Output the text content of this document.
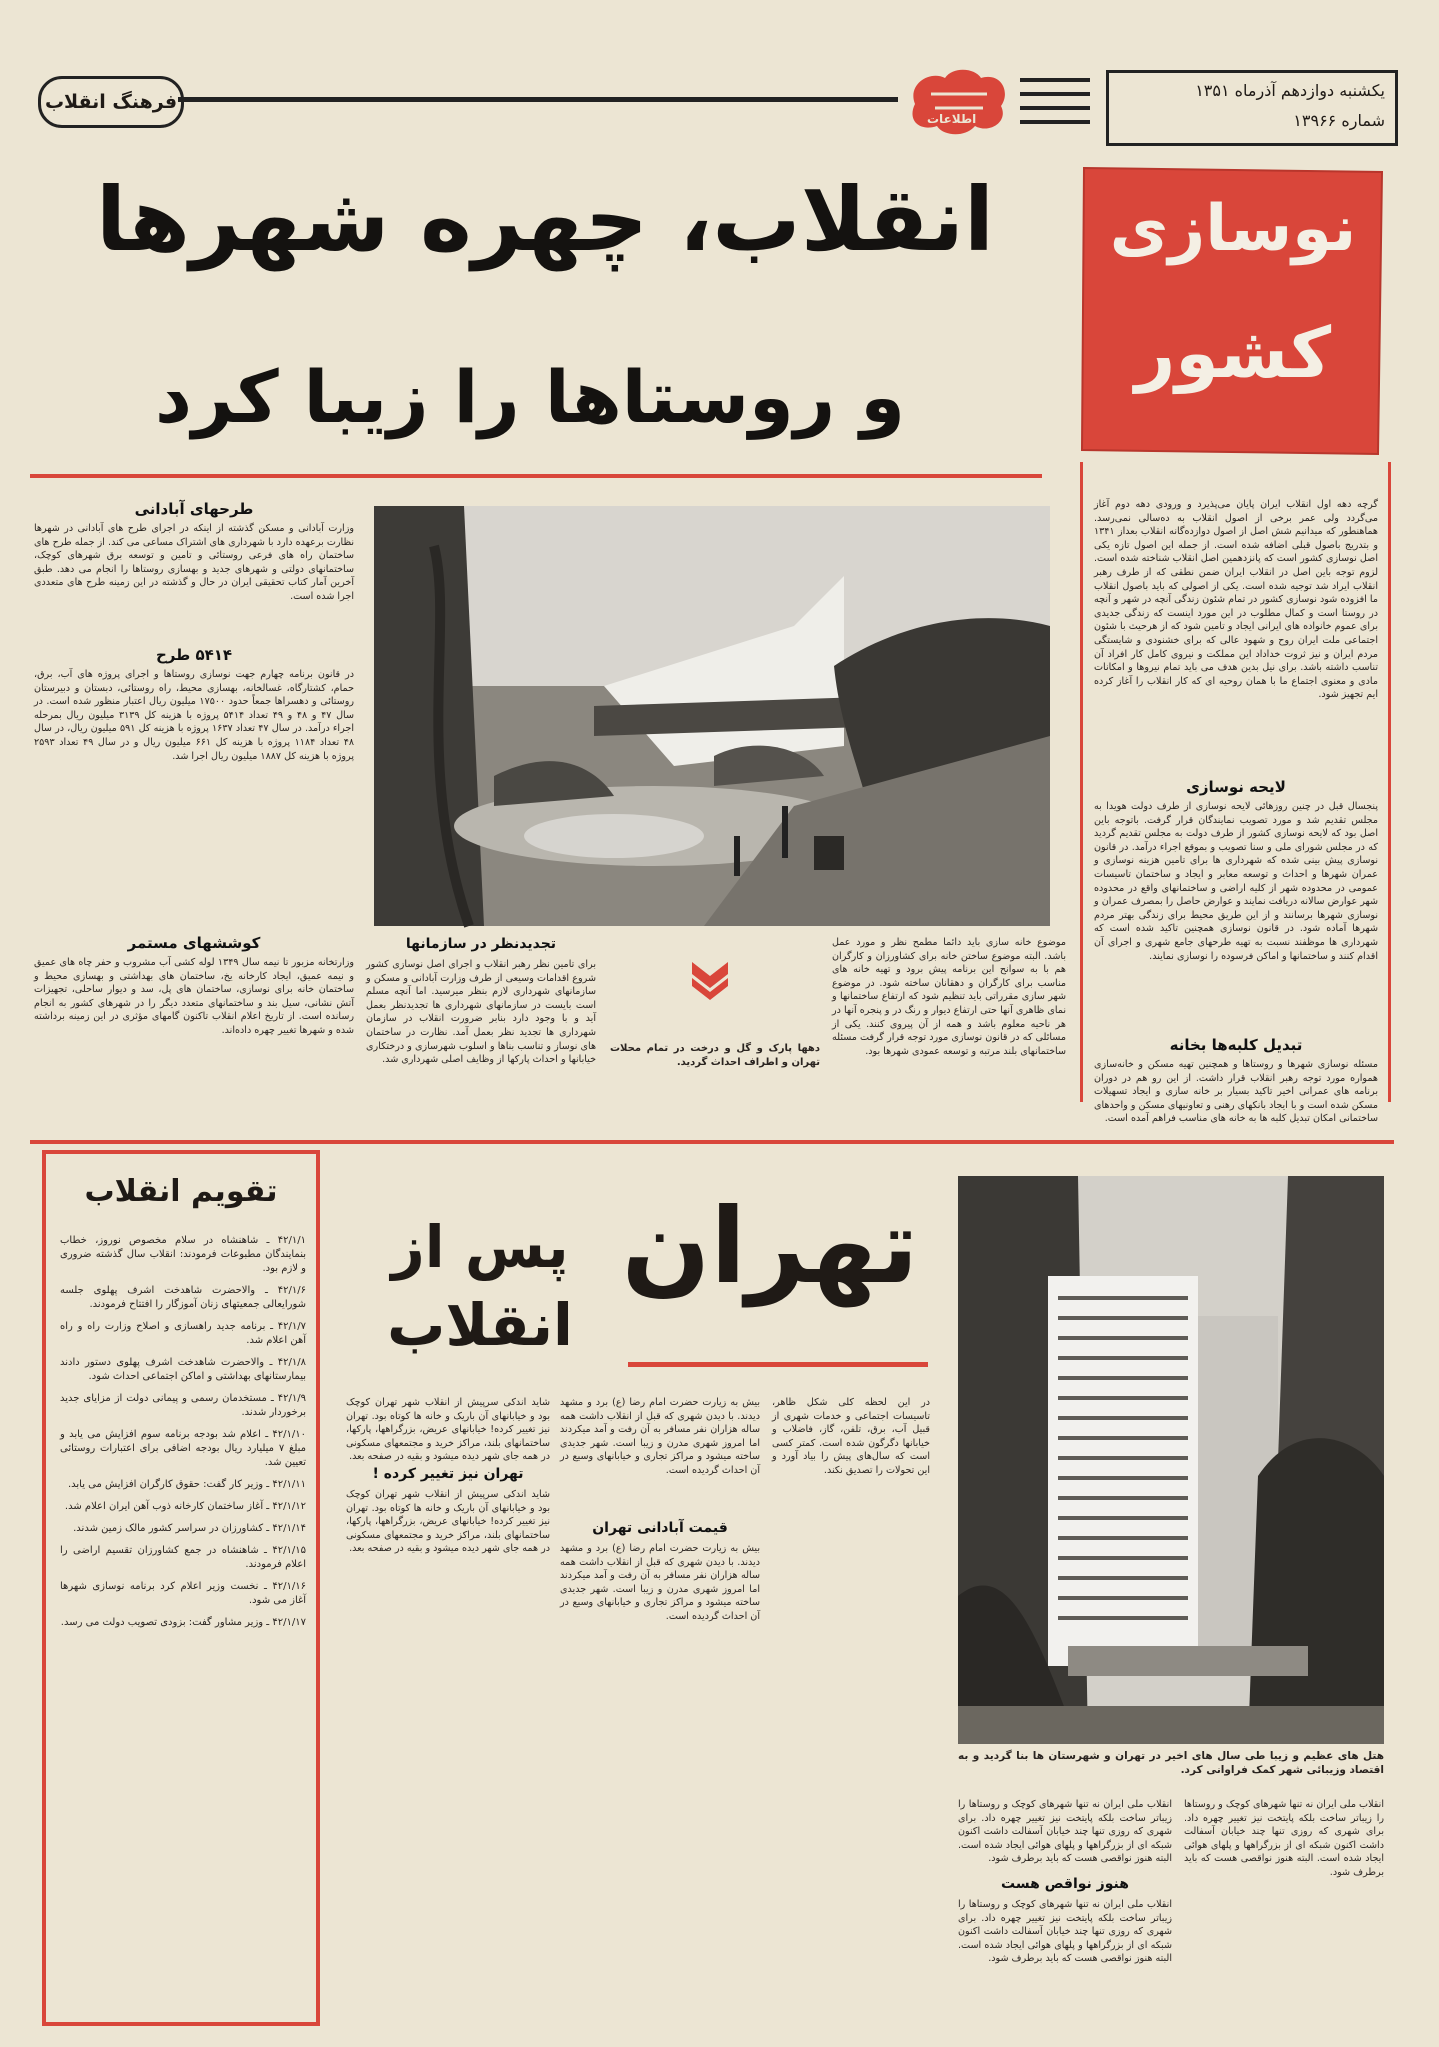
فرهنگ انقلاب
اطلاعات
یکشنبه دوازدهم آذرماه ۱۳۵۱
شماره ۱۳۹۶۶
انقلاب، چهره شهرها
و روستاها را زیبا کرد
نوسازی
کشور
گرچه دهه اول انقلاب ایران پایان می‌پذیرد و ورودی دهه دوم آغاز می‌گردد ولی عمر برخی از اصول انقلاب به ده‌سالی نمی‌رسد. هماهنطور که میدانیم شش اصل از اصول دوازده‌گانه انقلاب بعداز ۱۳۴۱ و بتدریج باصول قبلی اضافه شده است. از جمله این اصول تازه یکی اصل نوسازی کشور است که پانزدهمین اصل انقلاب شناخته شده است. لزوم توجه باین اصل در انقلاب ایران ضمن نطقی که از طرف رهبر انقلاب ایراد شد توجیه شده است. یکی از اصولی که باید باصول انقلاب ما افزوده شود نوسازی کشور در تمام شئون زندگی آنچه در شهر و آنچه در روستا است و کمال مطلوب در این مورد اینست که زندگی جدیدی برای عموم خانواده های ایرانی ایجاد و تامین شود که از هرحیث با شئون اجتماعی ملت ایران روح و شهود عالی که برای خشنودی و شایستگی مردم ایران و نیز ثروت خداداد این مملکت و نیروی کامل کار افراد آن تناسب داشته باشد. برای نیل بدین هدف می باید تمام نیروها و امکانات مادی و معنوی اجتماع ما با همان روحیه ای که کار انقلاب را آغاز کرده ایم تجهیز شود.
لایحه نوسازی
پنجسال قبل در چنین روزهائی لایحه نوسازی از طرف دولت هویدا به مجلس تقدیم شد و مورد تصویب نمایندگان قرار گرفت. باتوجه باین اصل بود که لایحه نوسازی کشور از طرف دولت به مجلس تقدیم گردید که در مجلس شورای ملی و سنا تصویب و بموقع اجراء درآمد. در قانون نوسازی پیش بینی شده که شهرداری ها برای تامین هزینه نوسازی و عمران شهرها و احداث و توسعه معابر و ایجاد و ساختمان تاسیسات عمومی در محدوده شهر از کلیه اراضی و ساختمانهای واقع در محدوده شهر عوارض سالانه دریافت نمایند و عوارض حاصل را بمصرف عمران و نوسازی شهرها برسانند و از این طریق محیط برای زندگی بهتر مردم شهرها آماده شود. در قانون نوسازی همچنین تاکید شده است که شهرداری ها موظفند نسبت به تهیه طرحهای جامع شهری و اجرای آن اقدام کنند و ساختمانها و اماکن فرسوده را نوسازی نمایند.
تبدیل کلبه‌ها بخانه
مسئله نوسازی شهرها و روستاها و همچنین تهیه مسکن و خانه‌سازی همواره مورد توجه رهبر انقلاب قرار داشت. از این رو هم در دوران برنامه های عمرانی اخیر تاکید بسیار بر خانه سازی و ایجاد تسهیلات مسکن شده است و با ایجاد بانکهای رهنی و تعاونیهای مسکن و واحدهای ساختمانی امکان تبدیل کلبه ها به خانه های مناسب فراهم آمده است.
طرحهای آبادانی
وزارت آبادانی و مسکن گذشته از اینکه در اجرای طرح های آبادانی در شهرها نظارت برعهده دارد با شهرداری های اشتراک مساعی می کند. از جمله طرح های ساختمان راه های فرعی روستائی و تامین و توسعه برق شهرهای کوچک، ساختمانهای دولتی و شهرهای جدید و بهسازی روستاها را انجام می دهد. طبق آخرین آمار کتاب تحقیقی ایران در حال و گذشته در این زمینه طرح های متعددی اجرا شده است.
۵۴۱۴ طرح
در قانون برنامه چهارم جهت نوسازی روستاها و اجرای پروژه های آب، برق، حمام، کشتارگاه، غسالخانه، بهسازی محیط، راه روستائی، دبستان و دبیرستان روستائی و دهسراها جمعاً حدود ۱۷۵۰۰ میلیون ریال اعتبار منظور شده است. در سال ۴۷ و ۴۸ و ۴۹ تعداد ۵۴۱۴ پروژه با هزینه کل ۳۱۳۹ میلیون ریال بمرحله اجراء درآمد. در سال ۴۷ تعداد ۱۶۳۷ پروژه با هزینه کل ۵۹۱ میلیون ریال، در سال ۴۸ تعداد ۱۱۸۴ پروژه با هزینه کل ۶۶۱ میلیون ریال و در سال ۴۹ تعداد ۲۵۹۳ پروژه با هزینه کل ۱۸۸۷ میلیون ریال اجرا شد.
کوششهای مستمر
وزارتخانه مزبور تا نیمه سال ۱۳۴۹ لوله کشی آب مشروب و حفر چاه های عمیق و نیمه عمیق، ایجاد کارخانه یخ، ساختمان های بهداشتی و بهسازی محیط و ساختمان خانه برای نوسازی، ساختمان های پل، سد و دیوار ساحلی، تجهیزات آتش نشانی، سیل بند و ساختمانهای متعدد دیگر را در شهرهای کشور به انجام رسانده است. از تاریخ اعلام انقلاب تاکنون گامهای مؤثری در این زمینه برداشته شده و شهرها تغییر چهره داده‌اند.
تجدیدنظر در سازمانها
برای تامین نظر رهبر انقلاب و اجرای اصل نوسازی کشور شروع اقدامات وسیعی از طرف وزارت آبادانی و مسکن و سازمانهای شهرداری لازم بنظر میرسید. اما آنچه مسلم است بایست در سازمانهای شهرداری ها تجدیدنظر بعمل آید و با وجود دارد بنابر ضرورت انقلاب در سازمان شهرداری ها تجدید نظر بعمل آمد. نظارت در ساختمان های نوساز و تناسب بناها و اسلوب شهرسازی و درختکاری خیابانها و احداث پارکها از وظایف اصلی شهرداری شد.
دهها پارک و گل و درخت در تمام محلات تهران و اطراف احداث گردید.
موضوع خانه سازی باید دائما مطمح نظر و مورد عمل باشد. البته موضوع ساختن خانه برای کشاورزان و کارگران هم با به سوانح این برنامه پیش برود و تهیه خانه های مناسب برای کارگران و دهقانان ساخته شود. در موضوع شهر سازی مقرراتی باید تنظیم شود که ارتفاع ساختمانها و نمای ظاهری آنها حتی ارتفاع دیوار و رنگ در و پنجره آنها در هر ناحیه معلوم باشد و همه از آن پیروی کنند. یکی از مسائلی که در قانون نوسازی مورد توجه قرار گرفت مسئله ساختمانهای بلند مرتبه و توسعه عمودی شهرها بود.
تقویم انقلاب
۴۲/۱/۱ ـ شاهنشاه در سلام مخصوص نوروز، خطاب بنمایندگان مطبوعات فرمودند: انقلاب سال گذشته ضروری و لازم بود.
۴۲/۱/۶ ـ والاحضرت شاهدخت اشرف پهلوی جلسه شورایعالی جمعیتهای زنان آموزگار را افتتاح فرمودند.
۴۲/۱/۷ ـ برنامه جدید راهسازی و اصلاح وزارت راه و راه آهن اعلام شد.
۴۲/۱/۸ ـ والاحضرت شاهدخت اشرف پهلوی دستور دادند بیمارستانهای بهداشتی و اماکن اجتماعی احداث شود.
۴۲/۱/۹ ـ مستخدمان رسمی و پیمانی دولت از مزایای جدید برخوردار شدند.
۴۲/۱/۱۰ ـ اعلام شد بودجه برنامه سوم افزایش می یابد و مبلغ ۷ میلیارد ریال بودجه اضافی برای اعتبارات روستائی تعیین شد.
۴۲/۱/۱۱ ـ وزیر کار گفت: حقوق کارگران افزایش می یابد.
۴۲/۱/۱۲ ـ آغاز ساختمان کارخانه ذوب آهن ایران اعلام شد.
۴۲/۱/۱۴ ـ کشاورزان در سراسر کشور مالک زمین شدند.
۴۲/۱/۱۵ ـ شاهنشاه در جمع کشاورزان تقسیم اراضی را اعلام فرمودند.
۴۲/۱/۱۶ ـ نخست وزیر اعلام کرد برنامه نوسازی شهرها آغاز می شود.
۴۲/۱/۱۷ ـ وزیر مشاور گفت: بزودی تصویب دولت می رسد.
تهران
پس از
انقلاب
در این لحظه کلی شکل ظاهر، تاسیسات اجتماعی و خدمات شهری از قبیل آب، برق، تلفن، گاز، فاضلاب و خیابانها دگرگون شده است. کمتر کسی است که سال‌های پیش را بیاد آورد و این تحولات را تصدیق نکند.
بیش به زیارت حضرت امام رضا (ع) برد و مشهد دیدند. با دیدن شهری که قبل از انقلاب داشت همه ساله هزاران نفر مسافر به آن رفت و آمد میکردند اما امروز شهری مدرن و زیبا است. شهر جدیدی ساخته میشود و مراکز تجاری و خیابانهای وسیع در آن احداث گردیده است.
قیمت آبادانی تهران
بیش به زیارت حضرت امام رضا (ع) برد و مشهد دیدند. با دیدن شهری که قبل از انقلاب داشت همه ساله هزاران نفر مسافر به آن رفت و آمد میکردند اما امروز شهری مدرن و زیبا است. شهر جدیدی ساخته میشود و مراکز تجاری و خیابانهای وسیع در آن احداث گردیده است.
شاید اندکی سرپیش از انقلاب شهر تهران کوچک بود و خیابانهای آن باریک و خانه ها کوتاه بود. تهران نیز تغییر کرده! خیابانهای عریض، بزرگراهها، پارکها، ساختمانهای بلند، مراکز خرید و مجتمعهای مسکونی در همه جای شهر دیده میشود و بقیه در صفحه بعد.
تهران نیز تغییر کرده !
شاید اندکی سرپیش از انقلاب شهر تهران کوچک بود و خیابانهای آن باریک و خانه ها کوتاه بود. تهران نیز تغییر کرده! خیابانهای عریض، بزرگراهها، پارکها، ساختمانهای بلند، مراکز خرید و مجتمعهای مسکونی در همه جای شهر دیده میشود و بقیه در صفحه بعد.
هتل های عظیم و زیبا طی سال های اخیر در تهران و شهرستان ها بنا گردید و به اقتصاد وزیبائی شهر کمک فراوانی کرد.
انقلاب ملی ایران نه تنها شهرهای کوچک و روستاها را زیباتر ساخت بلکه پایتخت نیز تغییر چهره داد. برای شهری که روزی تنها چند خیابان آسفالت داشت اکنون شبکه ای از بزرگراهها و پلهای هوائی ایجاد شده است. البته هنوز نواقصی هست که باید برطرف شود.
انقلاب ملی ایران نه تنها شهرهای کوچک و روستاها را زیباتر ساخت بلکه پایتخت نیز تغییر چهره داد. برای شهری که روزی تنها چند خیابان آسفالت داشت اکنون شبکه ای از بزرگراهها و پلهای هوائی ایجاد شده است. البته هنوز نواقصی هست که باید برطرف شود.
هنوز نواقص هست
انقلاب ملی ایران نه تنها شهرهای کوچک و روستاها را زیباتر ساخت بلکه پایتخت نیز تغییر چهره داد. برای شهری که روزی تنها چند خیابان آسفالت داشت اکنون شبکه ای از بزرگراهها و پلهای هوائی ایجاد شده است. البته هنوز نواقصی هست که باید برطرف شود.
